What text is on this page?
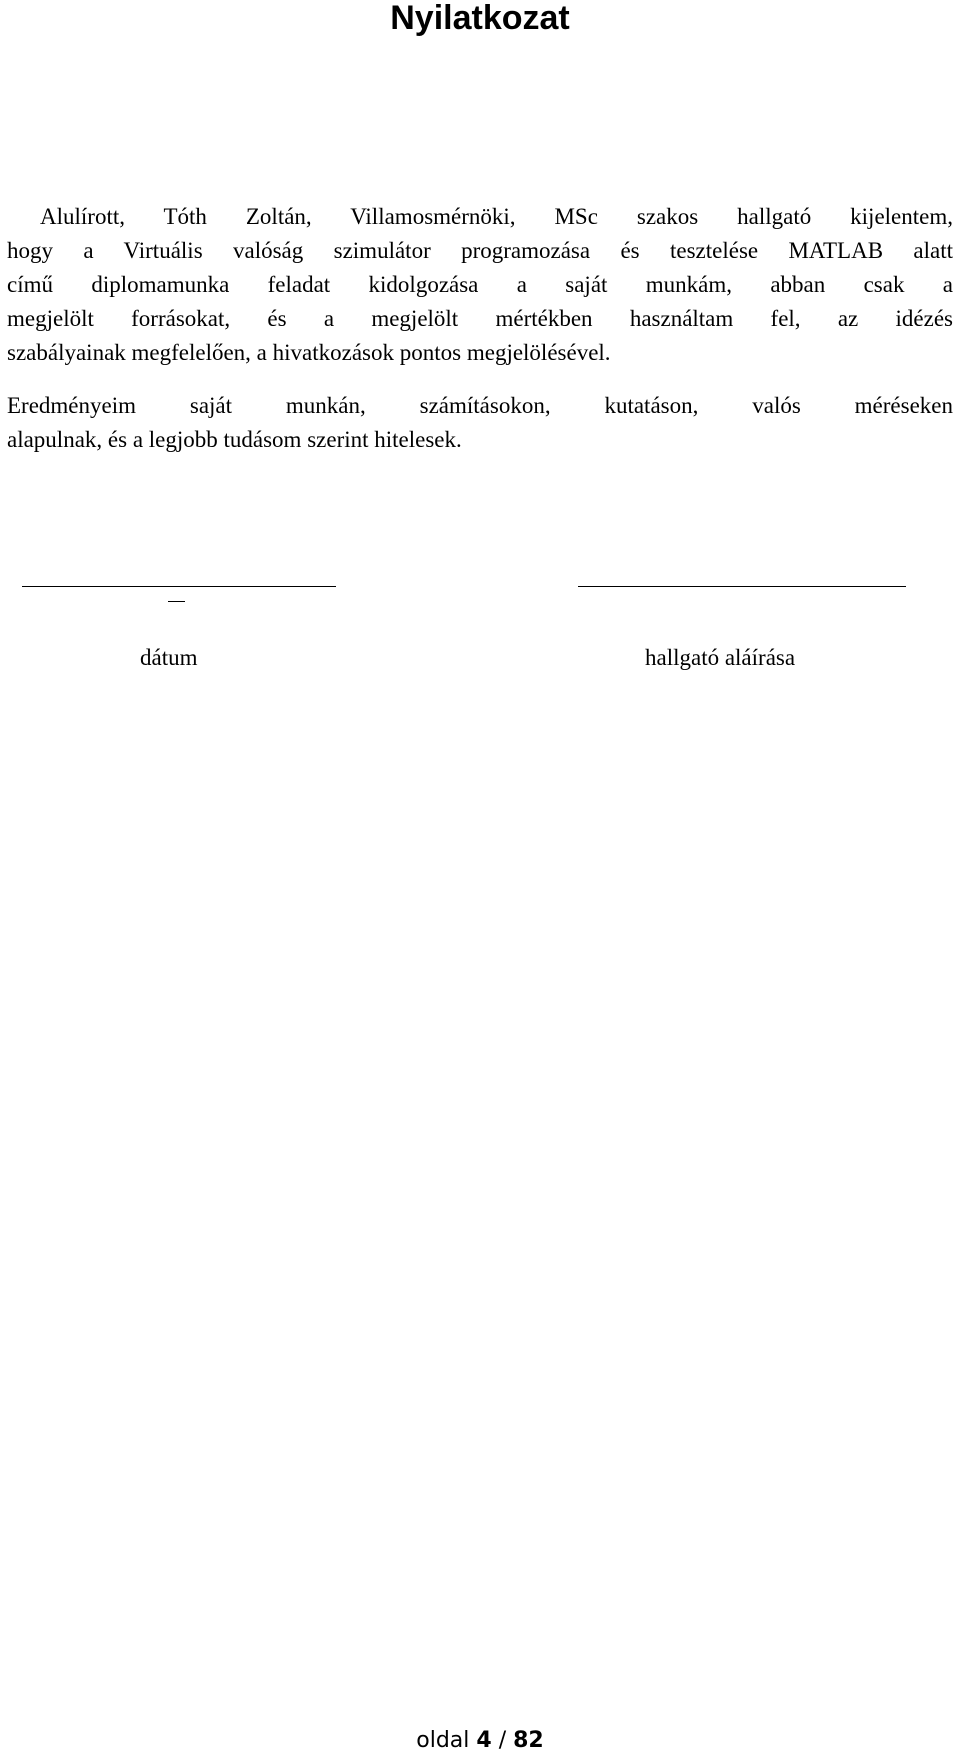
Nyilatkozat
Alulírott, Tóth Zoltán, Villamosmérnöki, MSc szakos hallgató kijelentem,
hogy a Virtuális valóság szimulátor programozása és tesztelése MATLAB alatt
című diplomamunka feladat kidolgozása a saját munkám, abban csak a
megjelölt forrásokat, és a megjelölt mértékben használtam fel, az idézés
szabályainak megfelelően, a hivatkozások pontos megjelölésével.
Eredményeim saját munkán, számításokon, kutatáson, valós méréseken
alapulnak, és a legjobb tudásom szerint hitelesek.
dátum	hallgató aláírása
oldal 4 / 82
